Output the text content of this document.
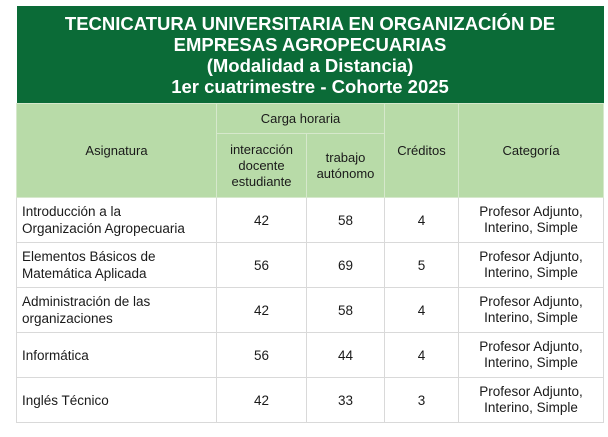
TECNICATURA UNIVERSITARIA EN ORGANIZACIÓN DE
EMPRESAS AGROPECUARIAS
(Modalidad a Distancia)
1er cuatrimestre - Cohorte 2025				

Asignatura	Carga horaria		Créditos	Categoría

	interacción
docente
estudiante	trabajo
autónomo		

Introducción a la
Organización Agropecuaria	42	58	4	Profesor Adjunto,
Interino, Simple

Elementos Básicos de
Matemática Aplicada	56	69	5	Profesor Adjunto,
Interino, Simple

Administración de las
organizaciones	42	58	4	Profesor Adjunto,
Interino, Simple

Informática	56	44	4	Profesor Adjunto,
Interino, Simple

Inglés Técnico	42	33	3	Profesor Adjunto,
Interino, Simple
